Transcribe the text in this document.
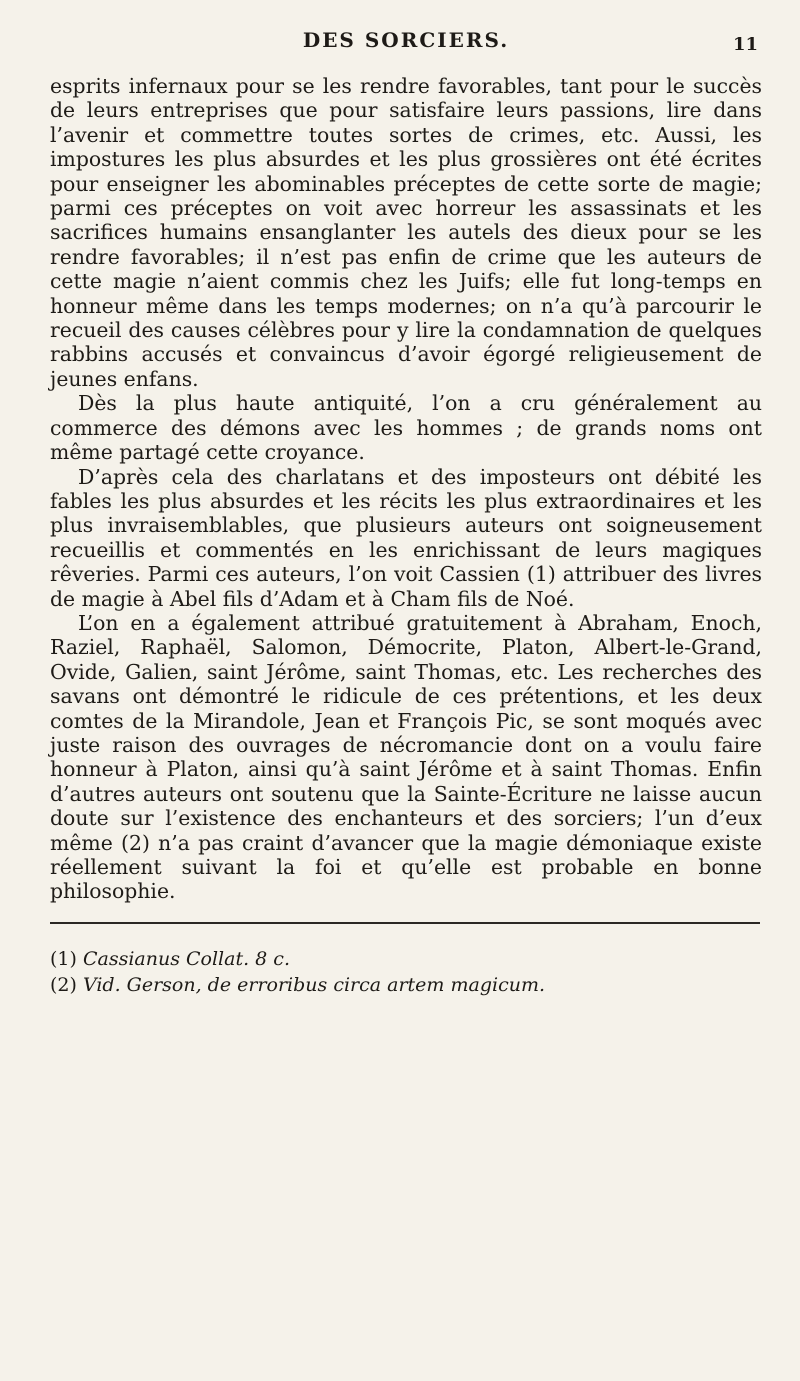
DES SORCIERS.	11

esprits infernaux pour se les rendre favorables, tant pour le succès de leurs entreprises que pour satisfaire leurs passions, lire dans l’avenir et commettre toutes sortes de crimes, etc. Aussi, les impostures les plus absurdes et les plus grossières ont été écrites pour enseigner les abominables préceptes de cette sorte de magie; parmi ces préceptes on voit avec horreur les assassinats et les sacrifices humains ensanglanter les autels des dieux pour se les rendre favorables; il n’est pas enfin de crime que les auteurs de cette magie n’aient commis chez les Juifs; elle fut long-temps en honneur même dans les temps modernes; on n’a qu’à parcourir le recueil des causes célèbres pour y lire la condamnation de quelques rabbins accusés et convaincus d’avoir égorgé religieusement de jeunes enfans.

Dès la plus haute antiquité, l’on a cru généralement au commerce des démons avec les hommes ; de grands noms ont même partagé cette croyance.

D’après cela des charlatans et des imposteurs ont débité les fables les plus absurdes et les récits les plus extraordinaires et les plus invraisemblables, que plusieurs auteurs ont soigneusement recueillis et commentés en les enrichissant de leurs magiques rêveries. Parmi ces auteurs, l’on voit Cassien (1) attribuer des livres de magie à Abel fils d’Adam et à Cham fils de Noé.

L’on en a également attribué gratuitement à Abraham, Enoch, Raziel, Raphaël, Salomon, Démocrite, Platon, Albert-le-Grand, Ovide, Galien, saint Jérôme, saint Thomas, etc. Les recherches des savans ont démontré le ridicule de ces prétentions, et les deux comtes de la Mirandole, Jean et François Pic, se sont moqués avec juste raison des ouvrages de nécromancie dont on a voulu faire honneur à Platon, ainsi qu’à saint Jérôme et à saint Thomas. Enfin d’autres auteurs ont soutenu que la Sainte-Écriture ne laisse aucun doute sur l’existence des enchanteurs et des sorciers; l’un d’eux même (2) n’a pas craint d’avancer que la magie démoniaque existe réellement suivant la foi et qu’elle est probable en bonne philosophie.

(1) Cassianus Collat. 8 c.

(2) Vid. Gerson, de erroribus circa artem magicum.
